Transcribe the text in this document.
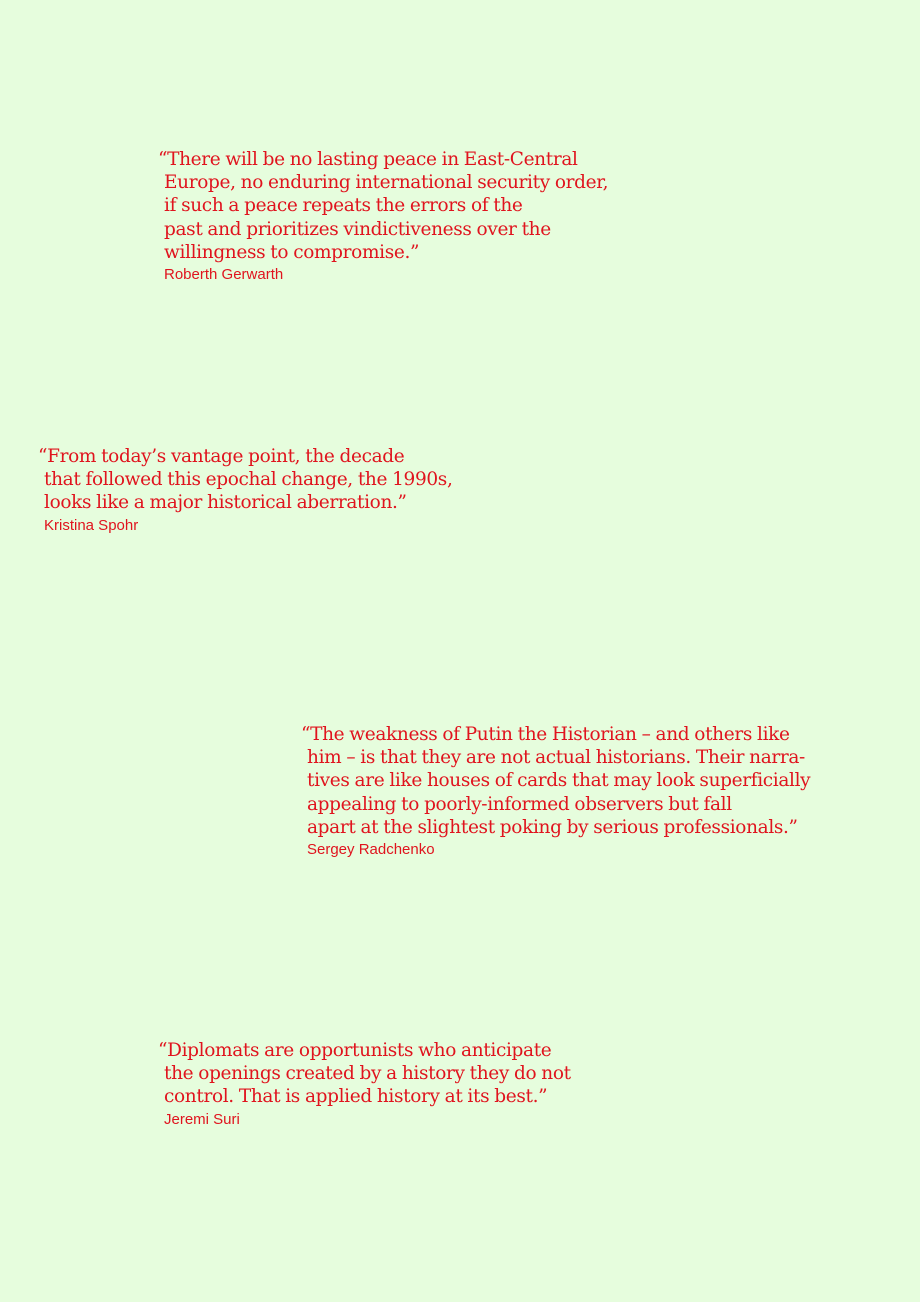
“There will be no lasting peace in East-Central
Europe, no enduring international security order,
if such a peace repeats the errors of the
past and prioritizes vindictiveness over the
willingness to compromise.”

Roberth Gerwarth

“From today’s vantage point, the decade
that followed this epochal change, the 1990s,
looks like a major historical aberration.”

Kristina Spohr

“The weakness of Putin the Historian – and others like
him – is that they are not actual historians. Their narra-
tives are like houses of cards that may look superficially
appealing to poorly-informed observers but fall
apart at the slightest poking by serious professionals.”

Sergey Radchenko

“Diplomats are opportunists who anticipate
the openings created by a history they do not
control. That is applied history at its best.”

Jeremi Suri
